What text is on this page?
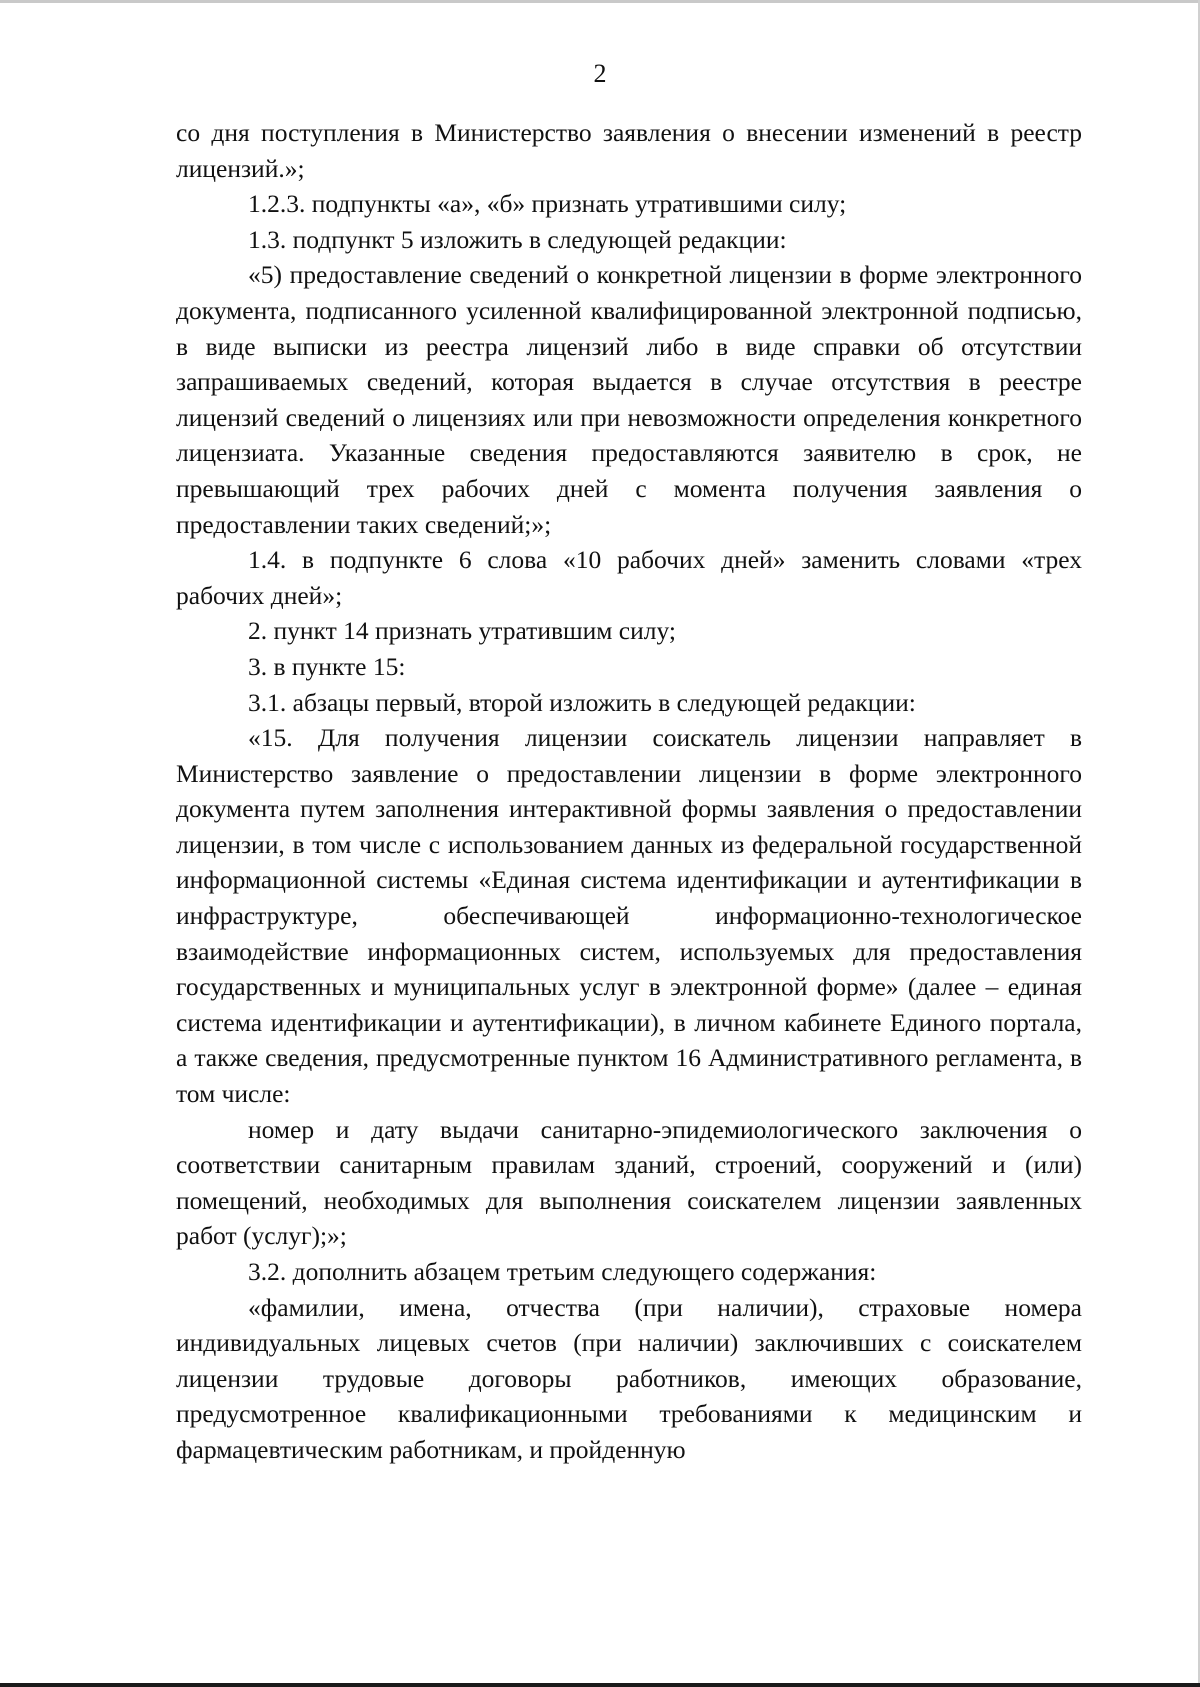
2

со дня поступления в Министерство заявления о внесении изменений в реестр лицензий.»;

1.2.3. подпункты «а», «б» признать утратившими силу;

1.3. подпункт 5 изложить в следующей редакции:

«5) предоставление сведений о конкретной лицензии в форме электронного документа, подписанного усиленной квалифицированной электронной подписью, в виде выписки из реестра лицензий либо в виде справки об отсутствии запрашиваемых сведений, которая выдается в случае отсутствия в реестре лицензий сведений о лицензиях или при невозможности определения конкретного лицензиата. Указанные сведения предоставляются заявителю в срок, не превышающий трех рабочих дней с момента получения заявления о предоставлении таких сведений;»;

1.4. в подпункте 6 слова «10 рабочих дней» заменить словами «трех рабочих дней»;

2. пункт 14 признать утратившим силу;

3. в пункте 15:

3.1. абзацы первый, второй изложить в следующей редакции:

«15. Для получения лицензии соискатель лицензии направляет в Министерство заявление о предоставлении лицензии в форме электронного документа путем заполнения интерактивной формы заявления о предоставлении лицензии, в том числе с использованием данных из федеральной государственной информационной системы «Единая система идентификации и аутентификации в инфраструктуре, обеспечивающей информационно-технологическое взаимодействие информационных систем, используемых для предоставления государственных и муниципальных услуг в электронной форме» (далее – единая система идентификации и аутентификации), в личном кабинете Единого портала, а также сведения, предусмотренные пунктом 16 Административного регламента, в том числе:

номер и дату выдачи санитарно-эпидемиологического заключения о соответствии санитарным правилам зданий, строений, сооружений и (или) помещений, необходимых для выполнения соискателем лицензии заявленных работ (услуг);»;

3.2. дополнить абзацем третьим следующего содержания:

«фамилии, имена, отчества (при наличии), страховые номера индивидуальных лицевых счетов (при наличии) заключивших с соискателем лицензии трудовые договоры работников, имеющих образование, предусмотренное квалификационными требованиями к медицинским и фармацевтическим работникам, и пройденную
